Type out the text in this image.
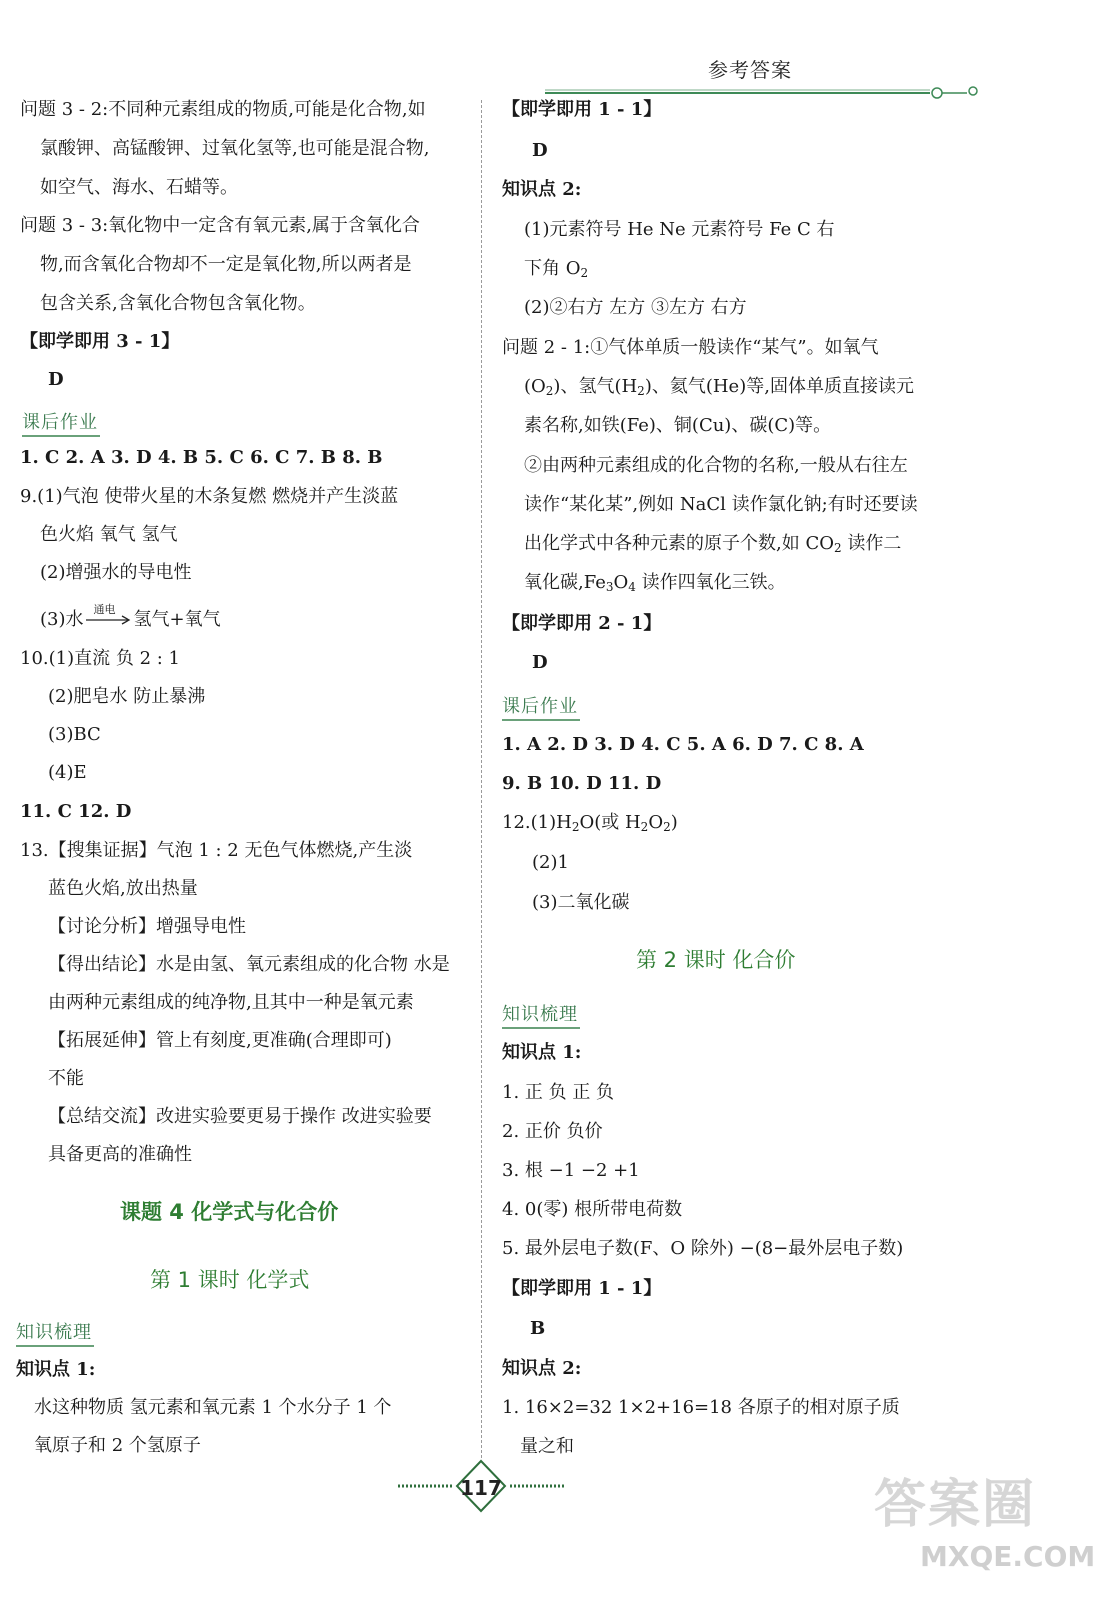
参考答案
问题 3 - 2:不同种元素组成的物质,可能是化合物,如
氯酸钾、高锰酸钾、过氧化氢等,也可能是混合物,
如空气、海水、石蜡等。
问题 3 - 3:氧化物中一定含有氧元素,属于含氧化合
物,而含氧化合物却不一定是氧化物,所以两者是
包含关系,含氧化合物包含氧化物。
【即学即用 3 - 1】
D
课后作业
1. C 2. A 3. D 4. B 5. C 6. C 7. B 8. B
9.(1)气泡 使带火星的木条复燃 燃烧并产生淡蓝
色火焰 氧气 氢气
(2)增强水的导电性
(3)水 通电 氢气+氧气
10.(1)直流 负 2 : 1
(2)肥皂水 防止暴沸
(3)BC
(4)E
11. C 12. D
13.【搜集证据】气泡 1 : 2 无色气体燃烧,产生淡
蓝色火焰,放出热量
【讨论分析】增强导电性
【得出结论】水是由氢、氧元素组成的化合物 水是
由两种元素组成的纯净物,且其中一种是氧元素
【拓展延伸】管上有刻度,更准确(合理即可)
不能
【总结交流】改进实验要更易于操作 改进实验要
具备更高的准确性
课题 4 化学式与化合价
第 1 课时 化学式
知识梳理
知识点 1:
水这种物质 氢元素和氧元素 1 个水分子 1 个
氧原子和 2 个氢原子
【即学即用 1 - 1】
D
知识点 2:
(1)元素符号 He Ne 元素符号 Fe C 右
下角 $O_2$
(2)②右方 左方 ③左方 右方
问题 2 - 1:①气体单质一般读作“某气”。如氧气
$(O_2)$、氢气$(H_2)$、氦气(He)等,固体单质直接读元
素名称,如铁(Fe)、铜(Cu)、碳(C)等。
②由两种元素组成的化合物的名称,一般从右往左
读作“某化某”,例如 NaCl 读作氯化钠;有时还要读
出化学式中各种元素的原子个数,如 $CO_2$ 读作二
氧化碳$,Fe_3O_4$ 读作四氧化三铁。
【即学即用 2 - 1】
D
课后作业
1. A 2. D 3. D 4. C 5. A 6. D 7. C 8. A
9. B 10. D 11. D
$12.(1)H_2O$(或 $H_2O_2$)
(2)1
(3)二氧化碳
第 2 课时 化合价
知识梳理
知识点 1:
1. 正 负 正 负
2. 正价 负价
3. 根 −1 −2 +1
4. 0(零) 根所带电荷数
5. 最外层电子数(F、O 除外) −(8−最外层电子数)
【即学即用 1 - 1】
B
知识点 2:
1. 16×2=32 1×2+16=18 各原子的相对原子质
量之和
117	答案圈
MXQE.COM
